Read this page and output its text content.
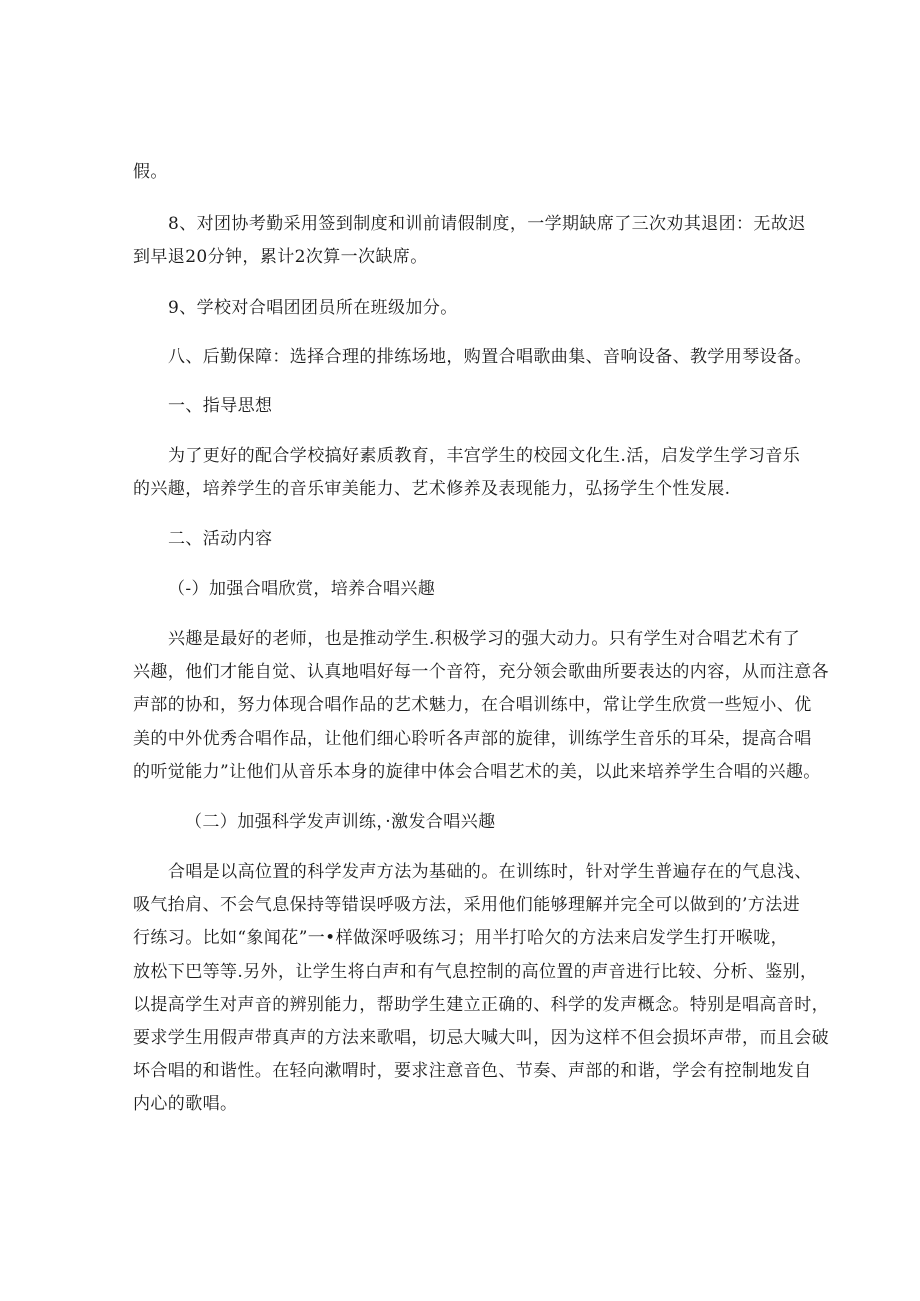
假。

8、对团协考勤采用签到制度和训前请假制度，一学期缺席了三次劝其退团：无故迟

到早退20分钟，累计2次算一次缺席。

9、学校对合唱团团员所在班级加分。

八、后勤保障：选择合理的排练场地，购置合唱歌曲集、音响设备、教学用琴设备。

一、指导思想

为了更好的配合学校搞好素质教育，丰宫学生的校园文化生.活，启发学生学习音乐

的兴趣，培养学生的音乐审美能力、艺术修养及表现能力，弘扬学生个性发展.

二、活动内容

（-）加强合唱欣赏，培养合唱兴趣

兴趣是最好的老师，也是推动学生.积极学习的强大动力。只有学生对合唱艺术有了

兴趣，他们才能自觉、认真地唱好每一个音符，充分领会歌曲所要表达的内容，从而注意各

声部的协和，努力体现合唱作品的艺术魅力，在合唱训练中，常让学生欣赏一些短小、优

美的中外优秀合唱作品，让他们细心聆听各声部的旋律，训练学生音乐的耳朵，提高合唱

的听觉能力”让他们从音乐本身的旋律中体会合唱艺术的美，以此来培养学生合唱的兴趣。

（二）加强科学发声训练，·激发合唱兴趣

合唱是以高位置的科学发声方法为基础的。在训练时，针对学生普遍存在的气息浅、

吸气抬肩、不会气息保持等错误呼吸方法，采用他们能够理解并完全可以做到的’方法进

行练习。比如“象闻花”一•样做深呼吸练习；用半打哈欠的方法来启发学生打开喉咙，

放松下巴等等.另外，让学生将白声和有气息控制的高位置的声音进行比较、分析、鉴别，

以提高学生对声音的辨别能力，帮助学生建立正确的、科学的发声概念。特别是唱高音时，

要求学生用假声带真声的方法来歌唱，切忌大喊大叫，因为这样不但会损坏声带，而且会破

坏合唱的和谐性。在轻向漱喟时，要求注意音色、节奏、声部的和谐，学会有控制地发自

内心的歌唱。
